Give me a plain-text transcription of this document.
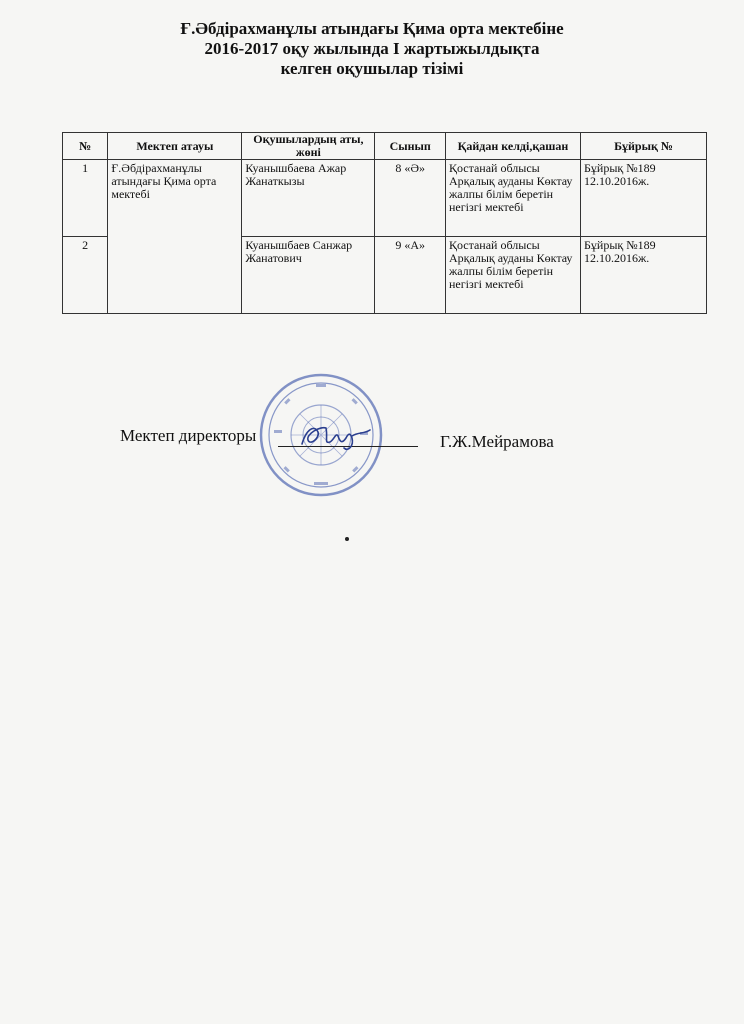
Ғ.Әбдірахманұлы атындағы Қима орта мектебіне
2016-2017 оқу жылында I жартыжылдықта
келген оқушылар тізімі
№	Мектеп атауы	Оқушылардың аты, жөні	Сынып	Қайдан келді,қашан	Бұйрық №
1	Ғ.Әбдірахманұлы атындағы Қима орта мектебі	Куанышбаева Ажар Жанаткызы	8 «Ә»	Қостанай облысы Арқалық ауданы Көктау жалпы білім беретін негізгі мектебі	Бұйрық №189
12.10.2016ж.

2		Куанышбаев Санжар Жанатович	9 «А»	Қостанай облысы Арқалық ауданы Көктау жалпы білім беретін негізгі мектебі	Бұйрық №189
12.10.2016ж.
Мектеп директоры	Г.Ж.Мейрамова
